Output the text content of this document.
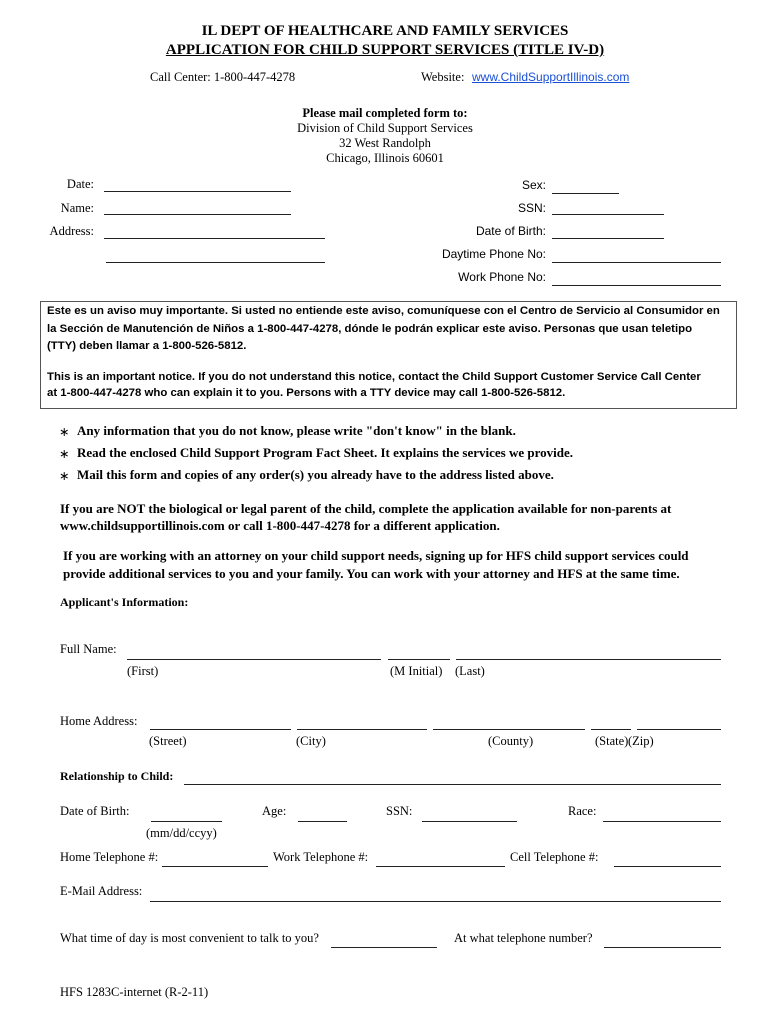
IL DEPT OF HEALTHCARE AND FAMILY SERVICES
APPLICATION FOR CHILD SUPPORT SERVICES (TITLE IV-D)
Call Center: 1-800-447-4278	Website: www.ChildSupportIllinois.com
Please mail completed form to:
Division of Child Support Services
32 West Randolph
Chicago, Illinois 60601
Date:
Name:
Address:
Sex:
SSN:
Date of Birth:
Daytime Phone No:
Work Phone No:
Este es un aviso muy importante. Si usted no entiende este aviso, comuníquese con el Centro de Servicio al Consumidor en
la Sección de Manutención de Niños a 1-800-447-4278, dónde le podrán explicar este aviso. Personas que usan teletipo
(TTY) deben llamar a 1-800-526-5812.
This is an important notice. If you do not understand this notice, contact the Child Support Customer Service Call Center
at 1-800-447-4278 who can explain it to you. Persons with a TTY device may call 1-800-526-5812.
∗ Any information that you do not know, please write "don't know" in the blank.
∗ Read the enclosed Child Support Program Fact Sheet. It explains the services we provide.
∗ Mail this form and copies of any order(s) you already have to the address listed above.
If you are NOT the biological or legal parent of the child, complete the application available for non-parents at
www.childsupportillinois.com or call 1-800-447-4278 for a different application.
If you are working with an attorney on your child support needs, signing up for HFS child support services could
provide additional services to you and your family. You can work with your attorney and HFS at the same time.
Applicant's Information:
Full Name:
(First)	(M Initial) (Last)
Home Address:
(Street)	(City)	(County)	(State) (Zip)
Relationship to Child:
Date of Birth:	Age:	SSN:	Race:
(mm/dd/ccyy)
Home Telephone #:	Work Telephone #:	Cell Telephone #:
E-Mail Address:
What time of day is most convenient to talk to you?	At what telephone number?
HFS 1283C-internet (R-2-11)
